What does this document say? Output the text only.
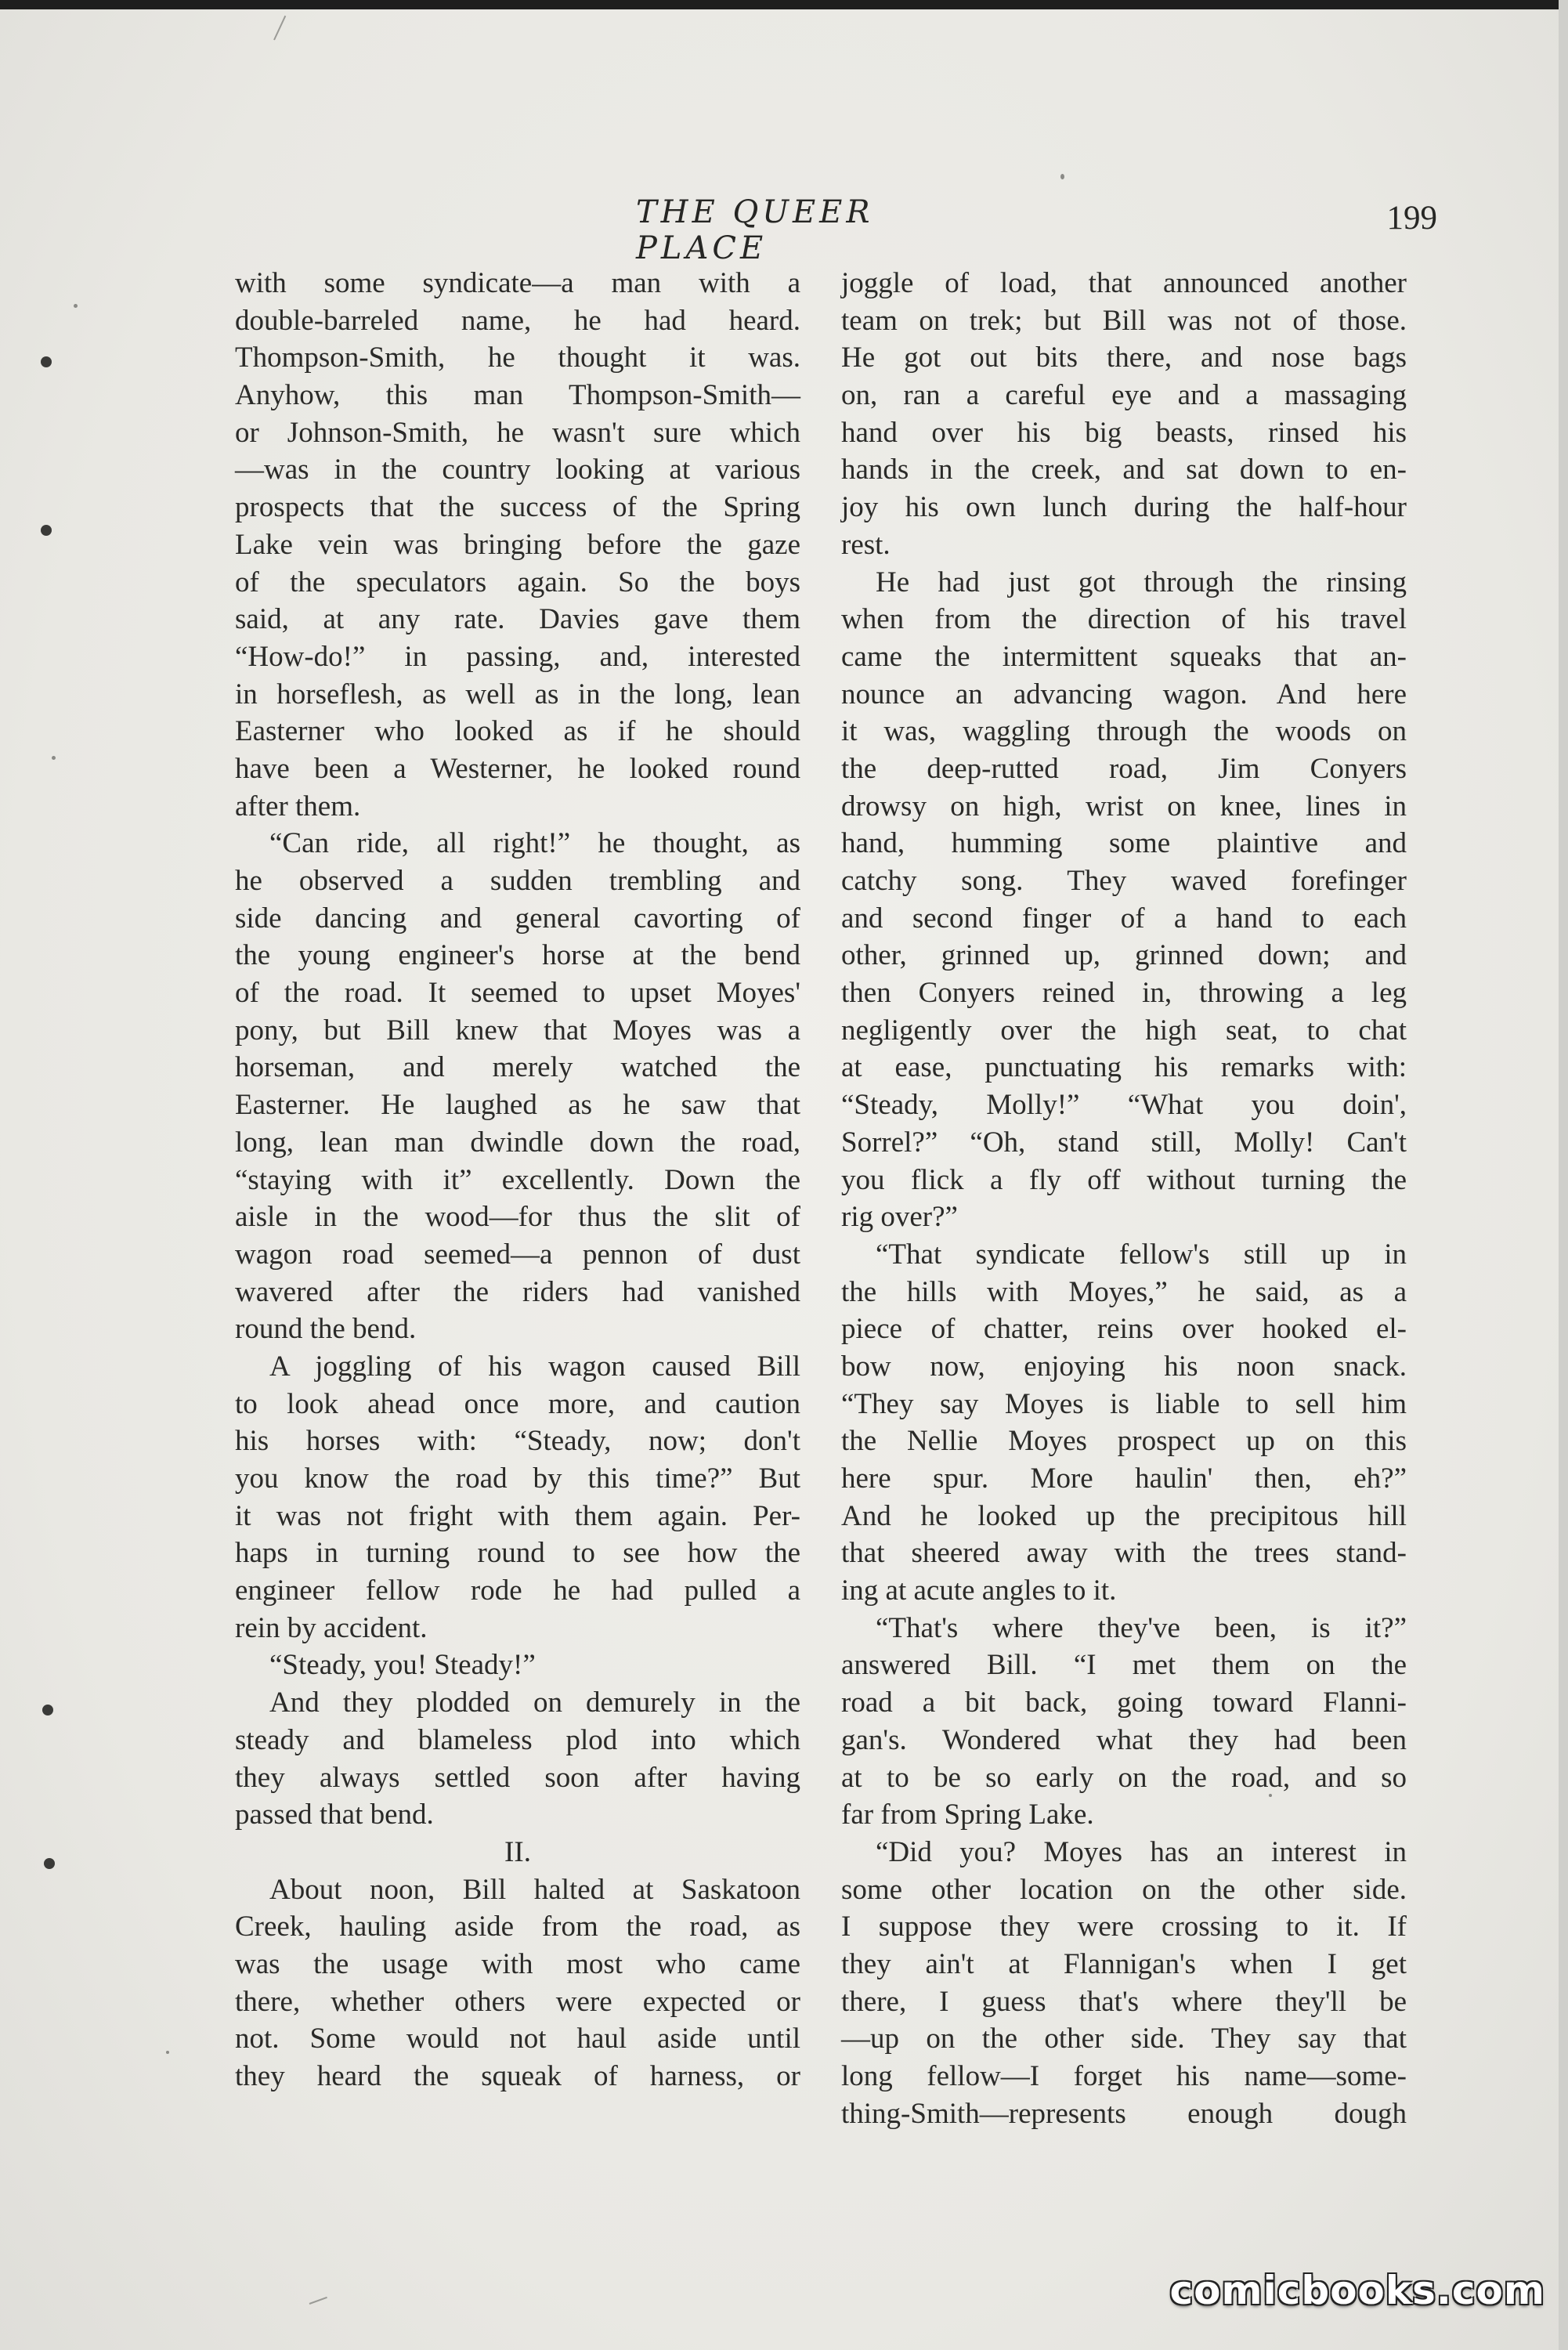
THE QUEER PLACE
199
with some syndicate—a man with a
double-barreled name, he had heard.
Thompson-Smith, he thought it was.
Anyhow, this man Thompson-Smith—
or Johnson-Smith, he wasn't sure which
—was in the country looking at various
prospects that the success of the Spring
Lake vein was bringing before the gaze
of the speculators again. So the boys
said, at any rate. Davies gave them
“How-do!” in passing, and, interested
in horseflesh, as well as in the long, lean
Easterner who looked as if he should
have been a Westerner, he looked round
after them.
“Can ride, all right!” he thought, as
he observed a sudden trembling and
side dancing and general cavorting of
the young engineer's horse at the bend
of the road. It seemed to upset Moyes'
pony, but Bill knew that Moyes was a
horseman, and merely watched the
Easterner. He laughed as he saw that
long, lean man dwindle down the road,
“staying with it” excellently. Down the
aisle in the wood—for thus the slit of
wagon road seemed—a pennon of dust
wavered after the riders had vanished
round the bend.
A joggling of his wagon caused Bill
to look ahead once more, and caution
his horses with: “Steady, now; don't
you know the road by this time?” But
it was not fright with them again. Per-
haps in turning round to see how the
engineer fellow rode he had pulled a
rein by accident.
“Steady, you! Steady!”
And they plodded on demurely in the
steady and blameless plod into which
they always settled soon after having
passed that bend.
II.
About noon, Bill halted at Saskatoon
Creek, hauling aside from the road, as
was the usage with most who came
there, whether others were expected or
not. Some would not haul aside until
they heard the squeak of harness, or
joggle of load, that announced another
team on trek; but Bill was not of those.
He got out bits there, and nose bags
on, ran a careful eye and a massaging
hand over his big beasts, rinsed his
hands in the creek, and sat down to en-
joy his own lunch during the half-hour
rest.
He had just got through the rinsing
when from the direction of his travel
came the intermittent squeaks that an-
nounce an advancing wagon. And here
it was, waggling through the woods on
the deep-rutted road, Jim Conyers
drowsy on high, wrist on knee, lines in
hand, humming some plaintive and
catchy song. They waved forefinger
and second finger of a hand to each
other, grinned up, grinned down; and
then Conyers reined in, throwing a leg
negligently over the high seat, to chat
at ease, punctuating his remarks with:
“Steady, Molly!” “What you doin',
Sorrel?” “Oh, stand still, Molly! Can't
you flick a fly off without turning the
rig over?”
“That syndicate fellow's still up in
the hills with Moyes,” he said, as a
piece of chatter, reins over hooked el-
bow now, enjoying his noon snack.
“They say Moyes is liable to sell him
the Nellie Moyes prospect up on this
here spur. More haulin' then, eh?”
And he looked up the precipitous hill
that sheered away with the trees stand-
ing at acute angles to it.
“That's where they've been, is it?”
answered Bill. “I met them on the
road a bit back, going toward Flanni-
gan's. Wondered what they had been
at to be so early on the road, and so
far from Spring Lake.
“Did you? Moyes has an interest in
some other location on the other side.
I suppose they were crossing to it. If
they ain't at Flannigan's when I get
there, I guess that's where they'll be
—up on the other side. They say that
long fellow—I forget his name—some-
thing-Smith—represents enough dough
comicbooks.com
